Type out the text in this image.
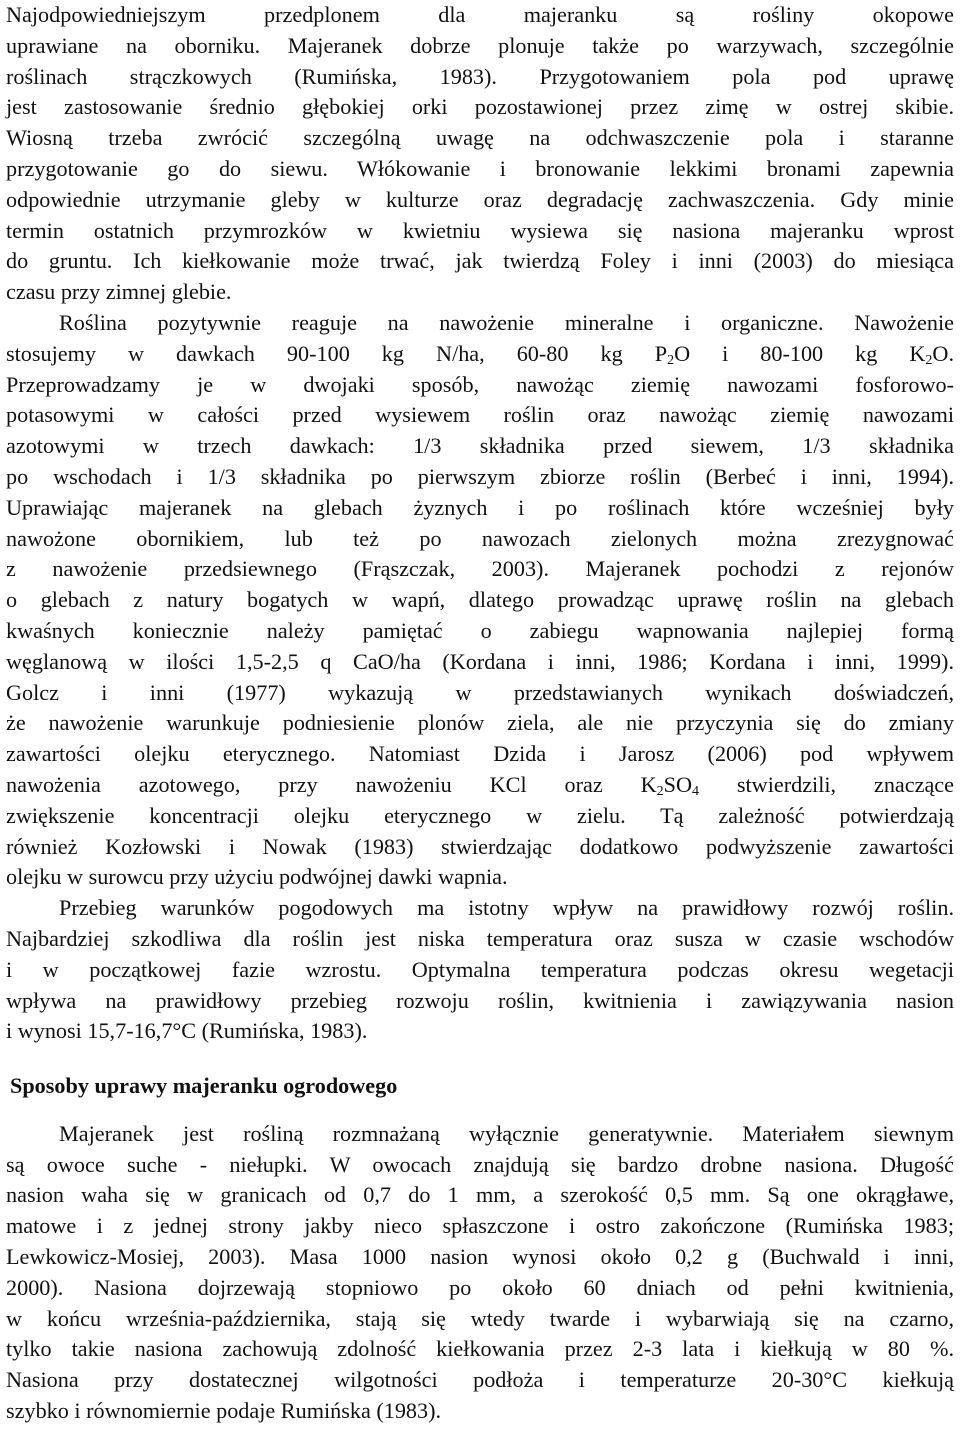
Najodpowiedniejszym przedplonem dla majeranku są rośliny okopowe
uprawiane na oborniku. Majeranek dobrze plonuje także po warzywach, szczególnie
roślinach strączkowych (Rumińska, 1983). Przygotowaniem pola pod uprawę
jest zastosowanie średnio głębokiej orki pozostawionej przez zimę w ostrej skibie.
Wiosną trzeba zwrócić szczególną uwagę na odchwaszczenie pola i staranne
przygotowanie go do siewu. Włókowanie i bronowanie lekkimi bronami zapewnia
odpowiednie utrzymanie gleby w kulturze oraz degradację zachwaszczenia. Gdy minie
termin ostatnich przymrozków w kwietniu wysiewa się nasiona majeranku wprost
do gruntu. Ich kiełkowanie może trwać, jak twierdzą Foley i inni (2003) do miesiąca
czasu przy zimnej glebie.
Roślina pozytywnie reaguje na nawożenie mineralne i organiczne. Nawożenie
stosujemy w dawkach 90-100 kg N/ha, 60-80 kg $P_2O$ i 80-100 kg $K_2O$.
Przeprowadzamy je w dwojaki sposób, nawożąc ziemię nawozami fosforowo-
potasowymi w całości przed wysiewem roślin oraz nawożąc ziemię nawozami
azotowymi w trzech dawkach: 1/3 składnika przed siewem, 1/3 składnika
po wschodach i 1/3 składnika po pierwszym zbiorze roślin (Berbeć i inni, 1994).
Uprawiając majeranek na glebach żyznych i po roślinach które wcześniej były
nawożone obornikiem, lub też po nawozach zielonych można zrezygnować
z nawożenie przedsiewnego (Frąszczak, 2003). Majeranek pochodzi z rejonów
o glebach z natury bogatych w wapń, dlatego prowadząc uprawę roślin na glebach
kwaśnych koniecznie należy pamiętać o zabiegu wapnowania najlepiej formą
węglanową w ilości 1,5-2,5 q CaO/ha (Kordana i inni, 1986; Kordana i inni, 1999).
Golcz i inni (1977) wykazują w przedstawianych wynikach doświadczeń,
że nawożenie warunkuje podniesienie plonów ziela, ale nie przyczynia się do zmiany
zawartości olejku eterycznego. Natomiast Dzida i Jarosz (2006) pod wpływem
nawożenia azotowego, przy nawożeniu KCl oraz $K_2SO_4$ stwierdzili, znaczące
zwiększenie koncentracji olejku eterycznego w zielu. Tą zależność potwierdzają
również Kozłowski i Nowak (1983) stwierdzając dodatkowo podwyższenie zawartości
olejku w surowcu przy użyciu podwójnej dawki wapnia.
Przebieg warunków pogodowych ma istotny wpływ na prawidłowy rozwój roślin.
Najbardziej szkodliwa dla roślin jest niska temperatura oraz susza w czasie wschodów
i w początkowej fazie wzrostu. Optymalna temperatura podczas okresu wegetacji
wpływa na prawidłowy przebieg rozwoju roślin, kwitnienia i zawiązywania nasion
i wynosi 15,7-16,7°C (Rumińska, 1983).
Sposoby uprawy majeranku ogrodowego
Majeranek jest rośliną rozmnażaną wyłącznie generatywnie. Materiałem siewnym
są owoce suche - niełupki. W owocach znajdują się bardzo drobne nasiona. Długość
nasion waha się w granicach od 0,7 do 1 mm, a szerokość 0,5 mm. Są one okrągławe,
matowe i z jednej strony jakby nieco spłaszczone i ostro zakończone (Rumińska 1983;
Lewkowicz-Mosiej, 2003). Masa 1000 nasion wynosi około 0,2 g (Buchwald i inni,
2000). Nasiona dojrzewają stopniowo po około 60 dniach od pełni kwitnienia,
w końcu września-października, stają się wtedy twarde i wybarwiają się na czarno,
tylko takie nasiona zachowują zdolność kiełkowania przez 2-3 lata i kiełkują w 80 %.
Nasiona przy dostatecznej wilgotności podłoża i temperaturze 20-30°C kiełkują
szybko i równomiernie podaje Rumińska (1983).
